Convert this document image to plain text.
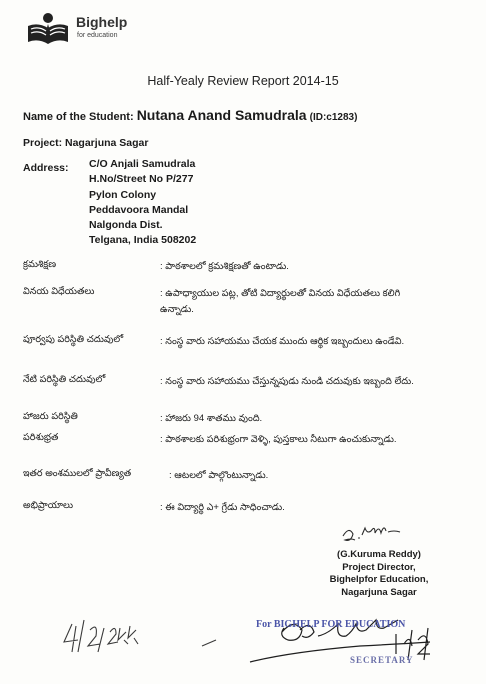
Bighelp
for education
Half-Yealy Review Report 2014-15
Name of the Student: Nutana Anand Samudrala (ID:c1283)
Project: Nagarjuna Sagar
Address: C/O Anjali Samudrala
H.No/Street No P/277
Pylon Colony
Peddavoora Mandal
Nalgonda Dist.
Telgana, India 508202
క్రమశిక్షణ	: పాఠశాలలో క్రమశిక్షణతో ఉంటాడు.
వినయ విధేయతలు	: ఉపాధ్యాయుల పట్ల, తోటి విద్యార్థులతో వినయ విధేయతలు కలిగి ఉన్నాడు.
పూర్వపు పరిస్థితి చదువులో	: నంస్థ వారు సహాయము చేయక ముందు ఆర్థిక ఇబ్బందులు ఉండేవి.
నేటి పరిస్థితి చదువులో	: నంస్థ వారు సహాయము చేస్తున్నపుడు నుండి చదువుకు ఇబ్బంది లేదు.
హాజరు పరిస్థితి	: హాజరు 94 శాతము వుంది.
పరిశుభ్రత	: పాఠశాలకు పరిశుభ్రంగా వెళ్ళి, పుస్తకాలు నీటుగా ఉంచుకున్నాడు.
ఇతర అంశములలో ప్రావీణ్యత	: ఆటలలో పాల్గొంటున్నాడు.
అభిప్రాయాలు	: ఈ విద్యార్థి ఎ+ గ్రేడు సాధించాడు.
(G.Kuruma Reddy)
Project Director,
Bighelpfor Education,
Nagarjuna Sagar
For BIGHELP FOR EDUCATION
SECRETARY
